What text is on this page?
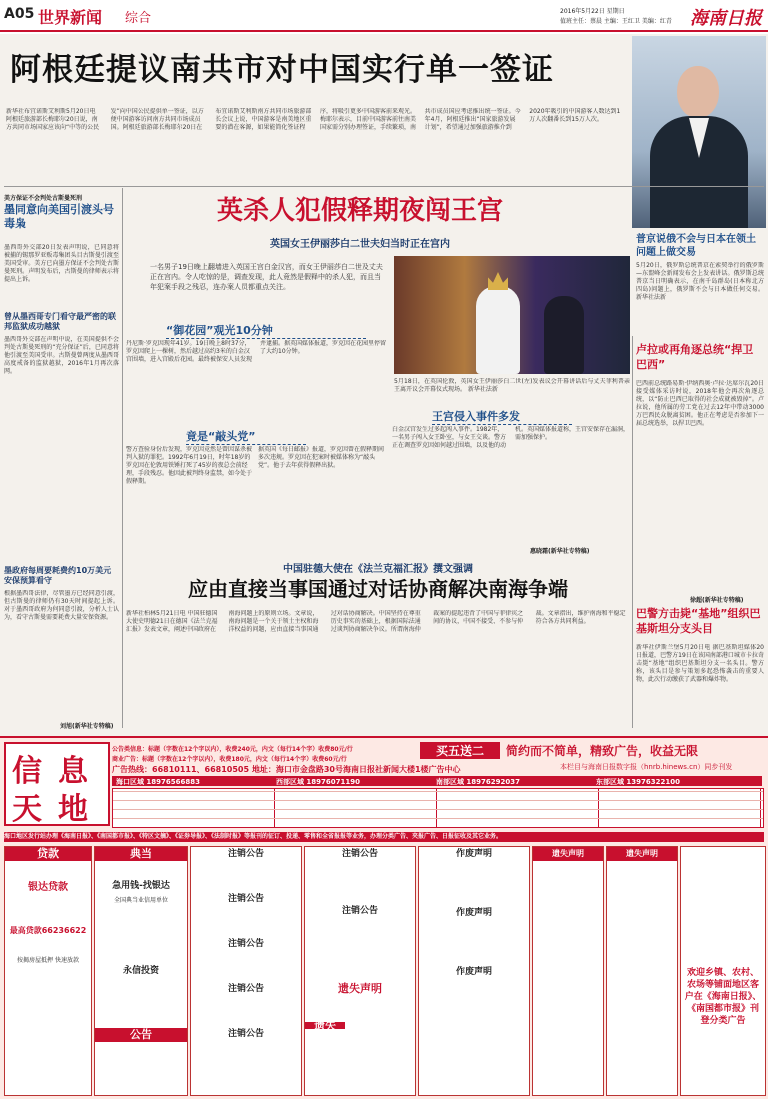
A05 世界新闻 综合	2016年5月22日 星期日
值班主任：蔡晨 主编：王红卫 美编：红青 海南日报
阿根廷提议南共市对中国实行单一签证
新华社布宜诺斯艾利斯5月20日电 阿根廷旅游部长梅耶尔20日说，南方共同市场国家应该向“中等的公民发”向中国公民提供单一签证，以方便中国游客访问南方共同市场成员国。阿根廷旅游部长梅耶尔20日在布宜诺斯艾利斯南方共同市场旅游部长会议上说，中国游客是南美地区重要的潜在客源，如果能简化签证程序，将吸引更多中国游客前来观光。梅耶尔表示，目前中国游客前往南美国家需分别办理签证，手续繁琐，南共市成员国应考虑推出统一签证。今年4月，阿根廷推出“国家旅游发展计划”，希望通过加强旅游推介到2020年吸引的中国游客人数达到1万人次翻番长到15万人次。
普京说俄不会与日本在领土问题上做交易
5月20日，俄罗斯总统普京在索契举行的俄罗斯—东盟峰会新闻发布会上发表讲话。俄罗斯总统普京当日明确表示，在南千岛群岛(日本称北方四岛)问题上，俄罗斯不会与日本做任何交易。 新华社法新
美方保证不会判处古斯曼死刑
墨同意向美国引渡头号毒枭
墨西哥外交部20日发表声明说，已同意将被捕的锡那罗亚贩毒集团头目古斯曼引渡至美国受审。美方已向墨方保证不会判处古斯曼死刑。声明发布后，古斯曼的律师表示将提出上诉。
曾从墨西哥专门看守最严密的联邦监狱成功越狱
墨西哥外交部在声明中说，在美国提供不会判处古斯曼死刑的“充分保证”后，已同意将他引渡至美国受审。古斯曼曾两度从墨西哥高度戒备的监狱越狱，2016年1月再次落网。
墨政府每周要耗费约10万美元安保预算看守
根据墨西哥法律，尽管墨方已经同意引渡，但古斯曼的律师仍有30天时间提起上诉。对于墨西哥政府为何同意引渡，分析人士认为，看守古斯曼需要耗费大量安保资源。
刘旭(新华社专特稿)
英杀人犯假释期夜闯王宫
英国女王伊丽莎白二世夫妇当时正在宫内
一名男子19日晚上翻墙进入英国王宫白金汉宫，而女王伊丽莎白二世及丈夫正在宫内。令人吃惊的是，调查发现，此人竟然是假释中的杀人犯，而且当年犯案手段之残忍，连办案人员都重点关注。
5月18日，在英国伦敦，英国女王伊丽莎白二世(左)发表议会开幕讲话后与丈夫菲利普亲王离开议会开幕仪式现场。 新华社法新
“御花园”观光10分钟
丹尼斯·罗克因现年41岁。19日晚上8时37分，罗克因爬上一棵树，然后越过高约3米的白金汉宫围墙，进入宫殿后花园。最终被保安人员发现并逮捕。据英国媒体报道，罗克因在花园里停留了大约10分钟。
竟是“敲头党”
警方查验身份后发现，罗克因竟然是曾因谋杀被判入狱的罪犯。1992年6月19日，时年18岁的罗克因在伦敦用铁锤打死了45岁的夜总会前经理，手段残忍。他因此被判终身监禁，如今处于假释期。
据英国《每日邮报》报道，罗克因曾在假释期间多次违规。罗克因在犯案时被媒体称为“敲头党”。他于去年获得假释出狱。
王宫侵入事件多发
白金汉宫发生过多起闯入事件。1982年，一名男子闯入女王卧室，与女王交谈。警方正在调查罗克因如何越过围墙，以及他的动机。英国媒体报道称，王宫安保存在漏洞，需加强保护。
惠晓霜(新华社专特稿)
卢拉或再角逐总统“捍卫巴西”
巴西前总统路易斯·伊纳西奥·卢拉·达席尔瓦20日接受媒体采访时说，2018年他会再次角逐总统，以“防止巴西已取得的社会成就被毁掉”。卢拉说，他所属的劳工党在过去12年中带动3000万巴西民众脱离贫困。他正在考虑是否参加下一届总统选举，以捍卫巴西。
徐超(新华社专特稿)
巴警方击毙“基地”组织巴基斯坦分支头目
新华社伊斯兰堡5月20日电 据巴基斯坦媒体20日报道，巴警方19日在该国南部港口城市卡拉奇击毙“基地”组织巴基斯坦分支一名头目。警方称，该头目是参与策划多起恐怖袭击的重要人物，此次行动缴获了武器和爆炸物。
中国驻德大使在《法兰克福汇报》撰文强调
应由直接当事国通过对话协商解决南海争端
新华社柏林5月21日电 中国驻德国大使史明德21日在德国《法兰克福汇报》发表文章，阐述中国政府在南海问题上的原则立场。文章说，南海问题是一个关于领土主权和海洋权益的问题，应由直接当事国通过对话协商解决。中国坚持在尊重历史事实的基础上，根据国际法通过谈判协商解决争议。所谓南海仲裁案的提起违背了中国与菲律宾之间的协议，中国不接受、不参与仲裁。文章指出，维护南海和平稳定符合各方共同利益。
信 息
天 地
公告类信息：标题（字数在12个字以内），收费240元，内文（每行14个字）收费80元/行
商业广告：标题（字数在12个字以内），收费180元，内文（每行14个字）收费60元/行
广告热线：66810111、66810505 地址：海口市金盘路30号海南日报社新闻大楼1楼广告中心
买五送二	简约而不简单，精致广告，收益无限
本栏目与海南日报数字报（hnrb.hinews.cn）同步刊发
海口区域 18976566883	西部区域 18976071190	南部区域 18976292037	东部区域 13976322100
海口地区发行站办理《海南日报》、《南国都市报》、《特区文摘》、《证券导报》、《法制时报》等报刊的征订、投递、零售和全省报报等业务，办理分类广告、夹报广告、日报征收及其它业务。
贷款
银达贷款
最高贷款66236622
按揭房屋抵押 快速放款
典当
急用钱-找银达
全国典当业信用单位
永信投资
公告
注销公告
注销公告
注销公告
注销公告
注销公告
注销公告
注销公告
遗失声明
遗失
作废声明
作废声明
作废声明
遗失声明	遗失声明
欢迎乡镇、农村、农场等铺面地区客户在《海南日报》、《南国都市报》刊登分类广告
